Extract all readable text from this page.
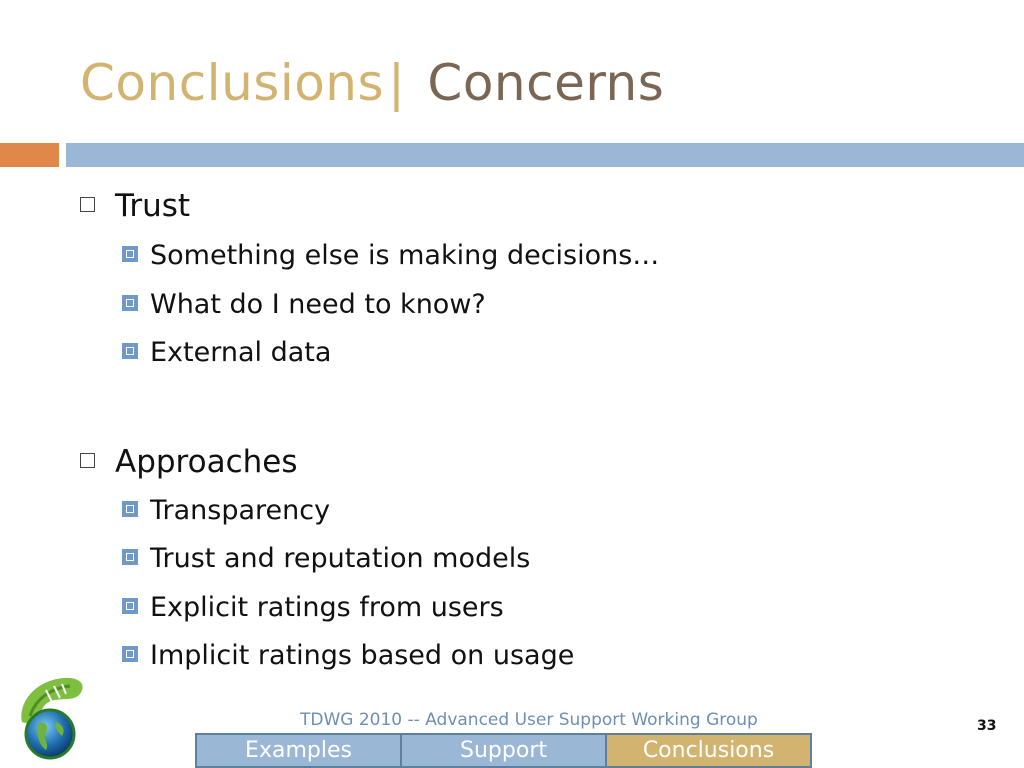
Conclusions| Concerns
Trust
Something else is making decisions…
What do I need to know?
External data
Approaches
Transparency
Trust and reputation models
Explicit ratings from users
Implicit ratings based on usage
TDWG 2010 -- Advanced User Support Working Group	33
Examples	Support	Conclusions
